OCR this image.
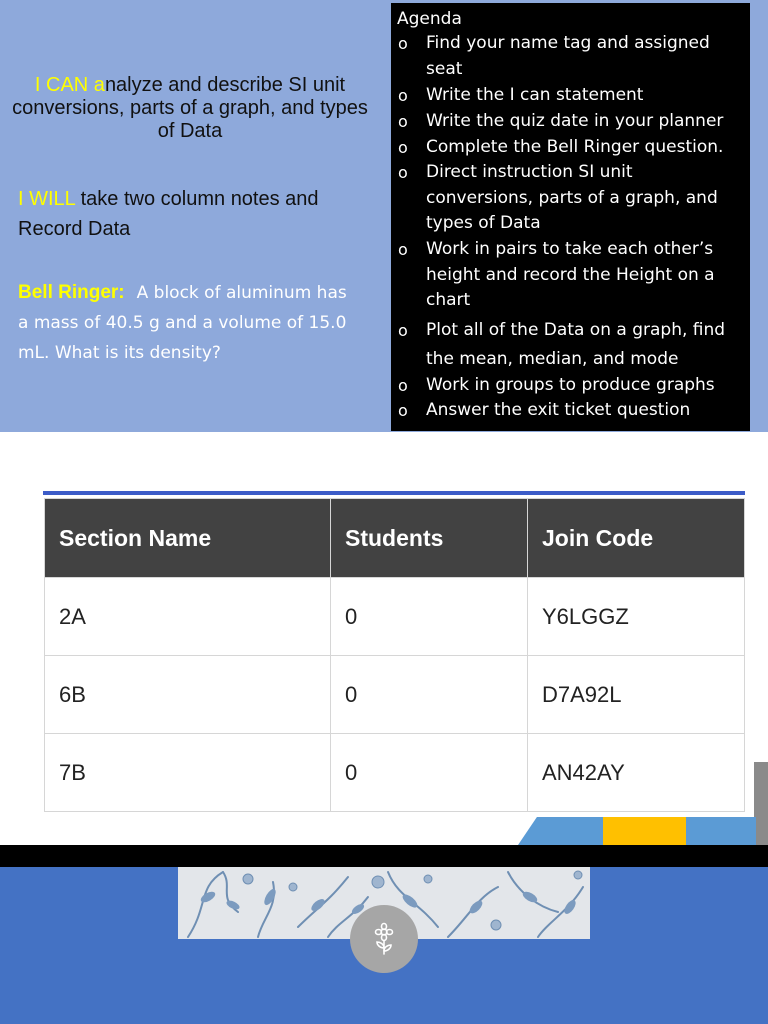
I CAN analyze and describe SI unit conversions, parts of a graph, and types of Data
I WILL take two column notes and Record Data
Bell Ringer: A block of aluminum has a mass of 40.5 g and a volume of 15.0 mL. What is its density?
Agenda
o Find your name tag and assigned seat
o Write the I can statement
o Write the quiz date in your planner
o Complete the Bell Ringer question.
o Direct instruction SI unit conversions, parts of a graph, and types of Data
o Work in pairs to take each other’s height and record the Height on a chart
o Plot all of the Data on a graph, find the mean, median, and mode
o Work in groups to produce graphs
o Answer the exit ticket question
Section Name	Students	Join Code
2A	0	Y6LGGZ
6B	0	D7A92L
7B	0	AN42AY
